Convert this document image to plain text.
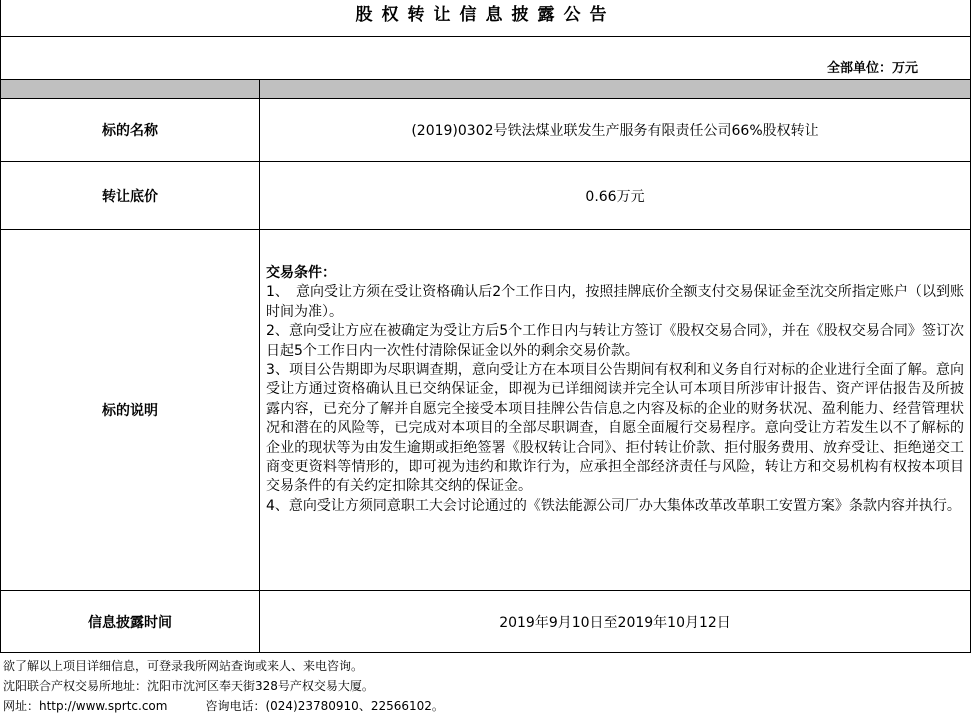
股权转让信息披露公告
全部单位：万元
标的名称	(2019)0302号铁法煤业联发生产服务有限责任公司66%股权转让
转让底价	0.66万元
标的说明	交易条件：

1、　意向受让方须在受让资格确认后2个工作日内，按照挂牌底价全额支付交易保证金至沈交所指定账户（以到账时间为准）。

2、意向受让方应在被确定为受让方后5个工作日内与转让方签订《股权交易合同》，并在《股权交易合同》签订次日起5个工作日内一次性付清除保证金以外的剩余交易价款。

3、项目公告期即为尽职调查期，意向受让方在本项目公告期间有权利和义务自行对标的企业进行全面了解。意向受让方通过资格确认且已交纳保证金，即视为已详细阅读并完全认可本项目所涉审计报告、资产评估报告及所披露内容，已充分了解并自愿完全接受本项目挂牌公告信息之内容及标的企业的财务状况、盈利能力、经营管理状况和潜在的风险等，已完成对本项目的全部尽职调查，自愿全面履行交易程序。意向受让方若发生以不了解标的企业的现状等为由发生逾期或拒绝签署《股权转让合同》、拒付转让价款、拒付服务费用、放弃受让、拒绝递交工商变更资料等情形的，即可视为违约和欺诈行为，应承担全部经济责任与风险，转让方和交易机构有权按本项目交易条件的有关约定扣除其交纳的保证金。

4、意向受让方须同意职工大会讨论通过的《铁法能源公司厂办大集体改革改革职工安置方案》条款内容并执行。

信息披露时间	2019年9月10日至2019年10月12日
欲了解以上项目详细信息，可登录我所网站查询或来人、来电咨询。
沈阳联合产权交易所地址：沈阳市沈河区奉天街328号产权交易大厦。
网址：http://www.sprtc.com	咨询电话：(024)23780910、22566102。
